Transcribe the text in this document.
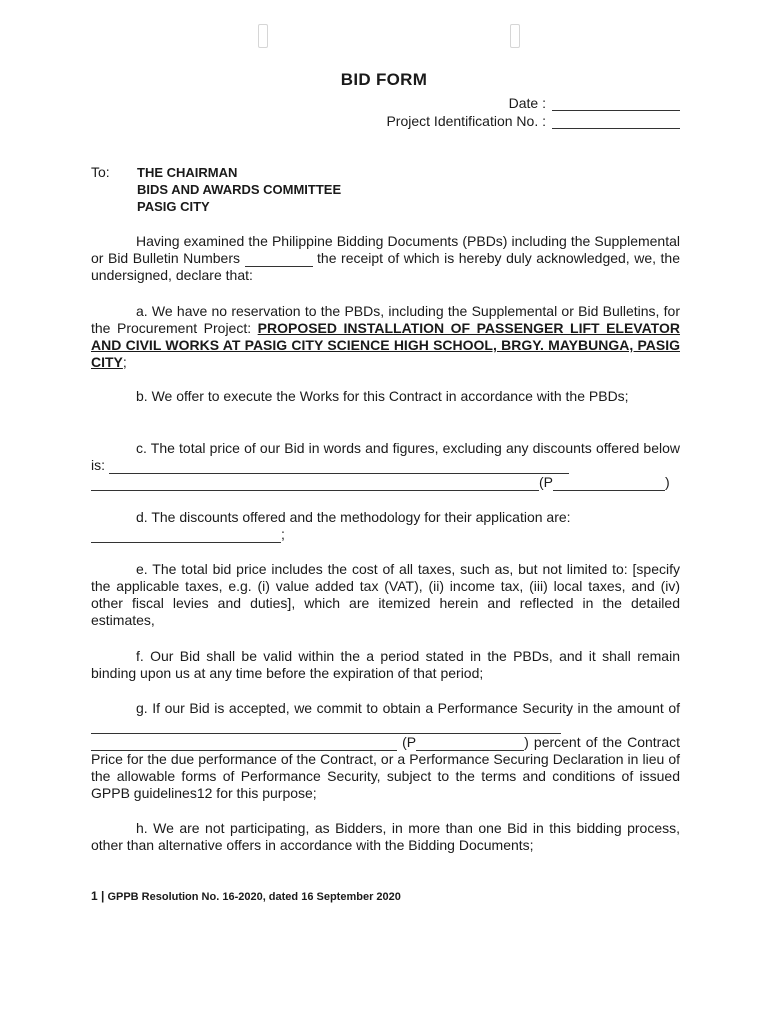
BID FORM
Date :
Project Identification No. :
To: THE CHAIRMAN
BIDS AND AWARDS COMMITTEE
PASIG CITY
Having examined the Philippine Bidding Documents (PBDs) including the Supplemental or Bid Bulletin Numbers	the receipt of which is hereby duly acknowledged, we, the undersigned, declare that:
a. We have no reservation to the PBDs, including the Supplemental or Bid Bulletins, for the Procurement Project: PROPOSED INSTALLATION OF PASSENGER LIFT ELEVATOR AND CIVIL WORKS AT PASIG CITY SCIENCE HIGH SCHOOL, BRGY. MAYBUNGA, PASIG CITY;
b. We offer to execute the Works for this Contract in accordance with the PBDs;
c. The total price of our Bid in words and figures, excluding any discounts offered below is:
(P	)
d. The discounts offered and the methodology for their application are:
;
e. The total bid price includes the cost of all taxes, such as, but not limited to: [specify the applicable taxes, e.g. (i) value added tax (VAT), (ii) income tax, (iii) local taxes, and (iv) other fiscal levies and duties], which are itemized herein and reflected in the detailed estimates,
f. Our Bid shall be valid within the a period stated in the PBDs, and it shall remain binding upon us at any time before the expiration of that period;
g. If our Bid is accepted, we commit to obtain a Performance Security in the amount of
(P	) percent of the Contract Price for the due performance of the Contract, or a Performance Securing Declaration in lieu of the allowable forms of Performance Security, subject to the terms and conditions of issued GPPB guidelines12 for this purpose;
h. We are not participating, as Bidders, in more than one Bid in this bidding process, other than alternative offers in accordance with the Bidding Documents;
1 | GPPB Resolution No. 16-2020, dated 16 September 2020
